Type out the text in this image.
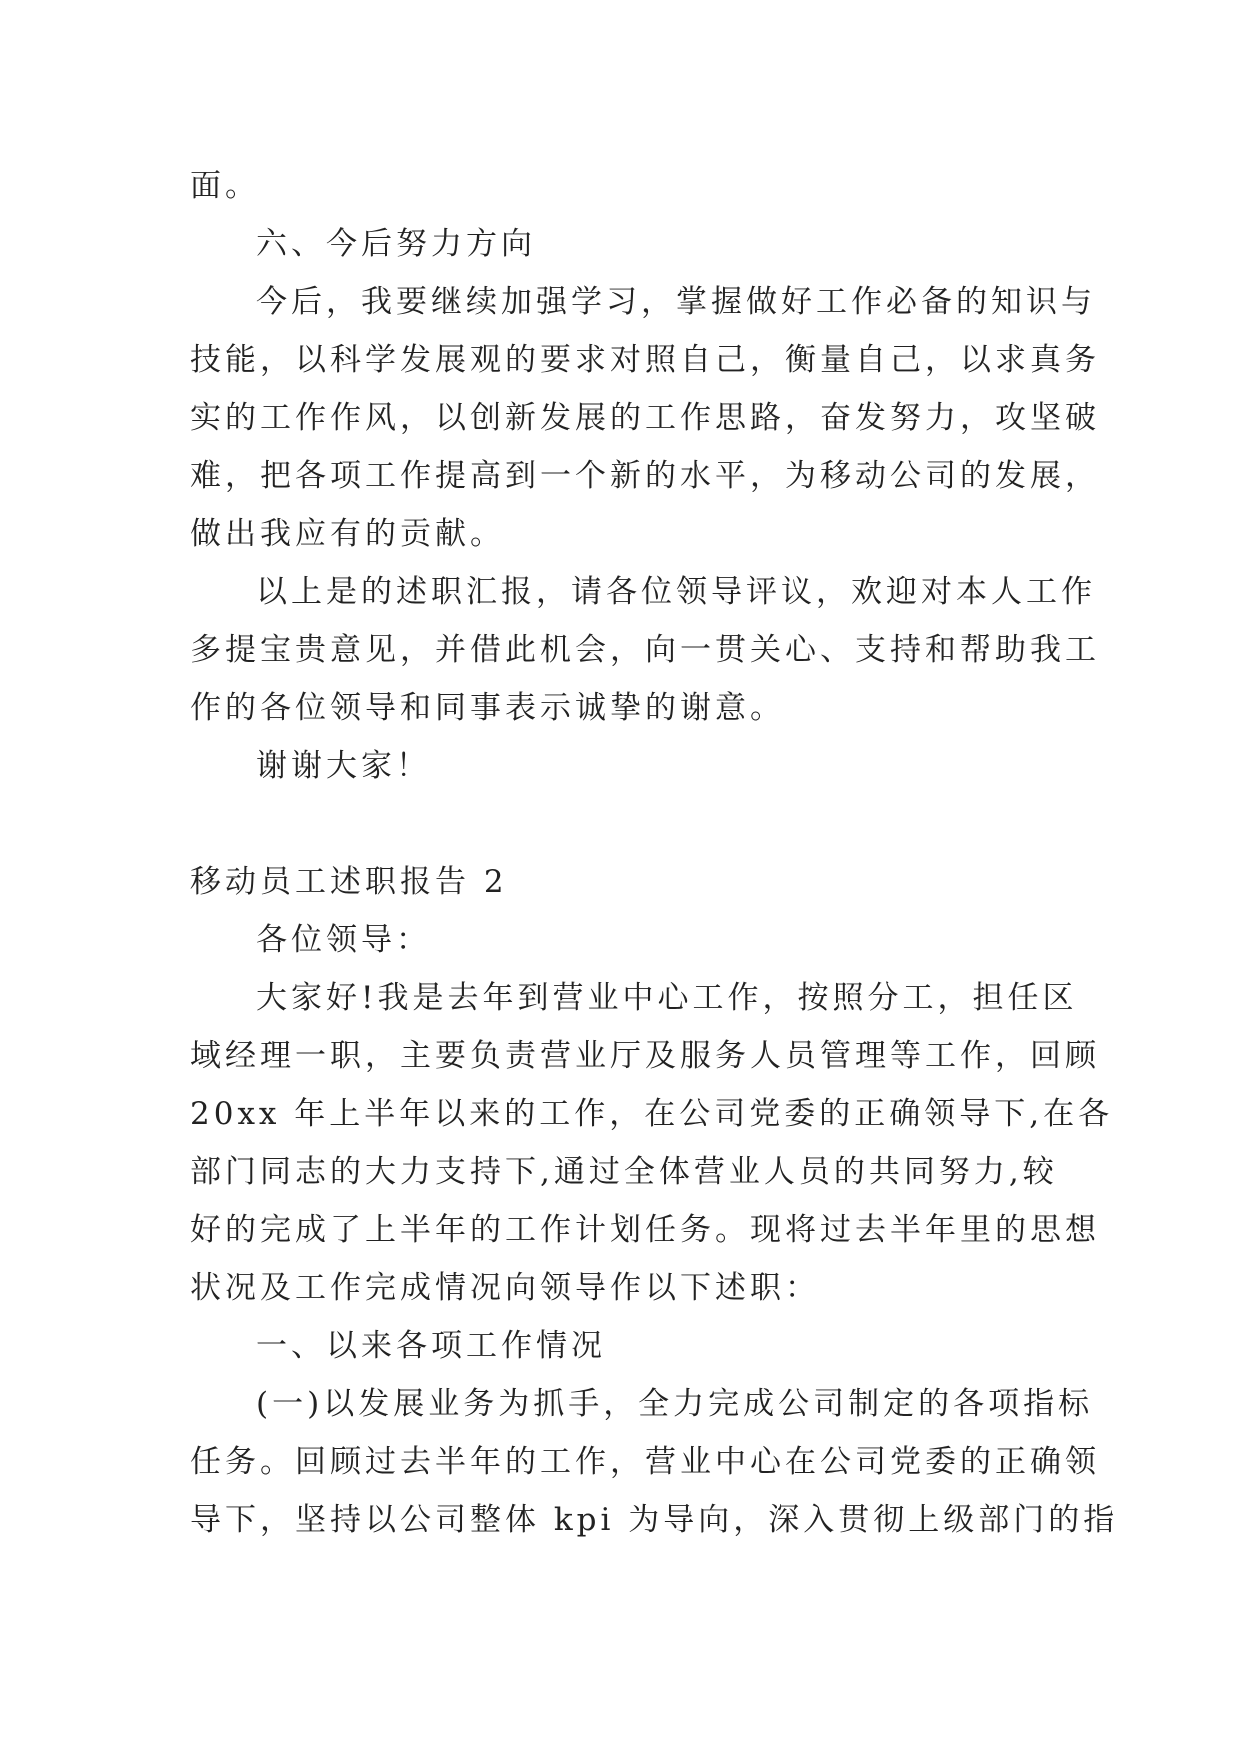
面。

六、今后努力方向

今后，我要继续加强学习，掌握做好工作必备的知识与

技能，以科学发展观的要求对照自己，衡量自己，以求真务

实的工作作风，以创新发展的工作思路，奋发努力，攻坚破

难，把各项工作提高到一个新的水平，为移动公司的发展，

做出我应有的贡献。

以上是的述职汇报，请各位领导评议，欢迎对本人工作

多提宝贵意见，并借此机会，向一贯关心、支持和帮助我工

作的各位领导和同事表示诚挚的谢意。

谢谢大家！

移动员工述职报告 2

各位领导：

大家好!我是去年到营业中心工作，按照分工，担任区

域经理一职，主要负责营业厅及服务人员管理等工作，回顾

20xx 年上半年以来的工作，在公司党委的正确领导下,在各

部门同志的大力支持下,通过全体营业人员的共同努力,较

好的完成了上半年的工作计划任务。现将过去半年里的思想

状况及工作完成情况向领导作以下述职：

一、以来各项工作情况

(一)以发展业务为抓手，全力完成公司制定的各项指标

任务。回顾过去半年的工作，营业中心在公司党委的正确领

导下，坚持以公司整体 kpi 为导向，深入贯彻上级部门的指
